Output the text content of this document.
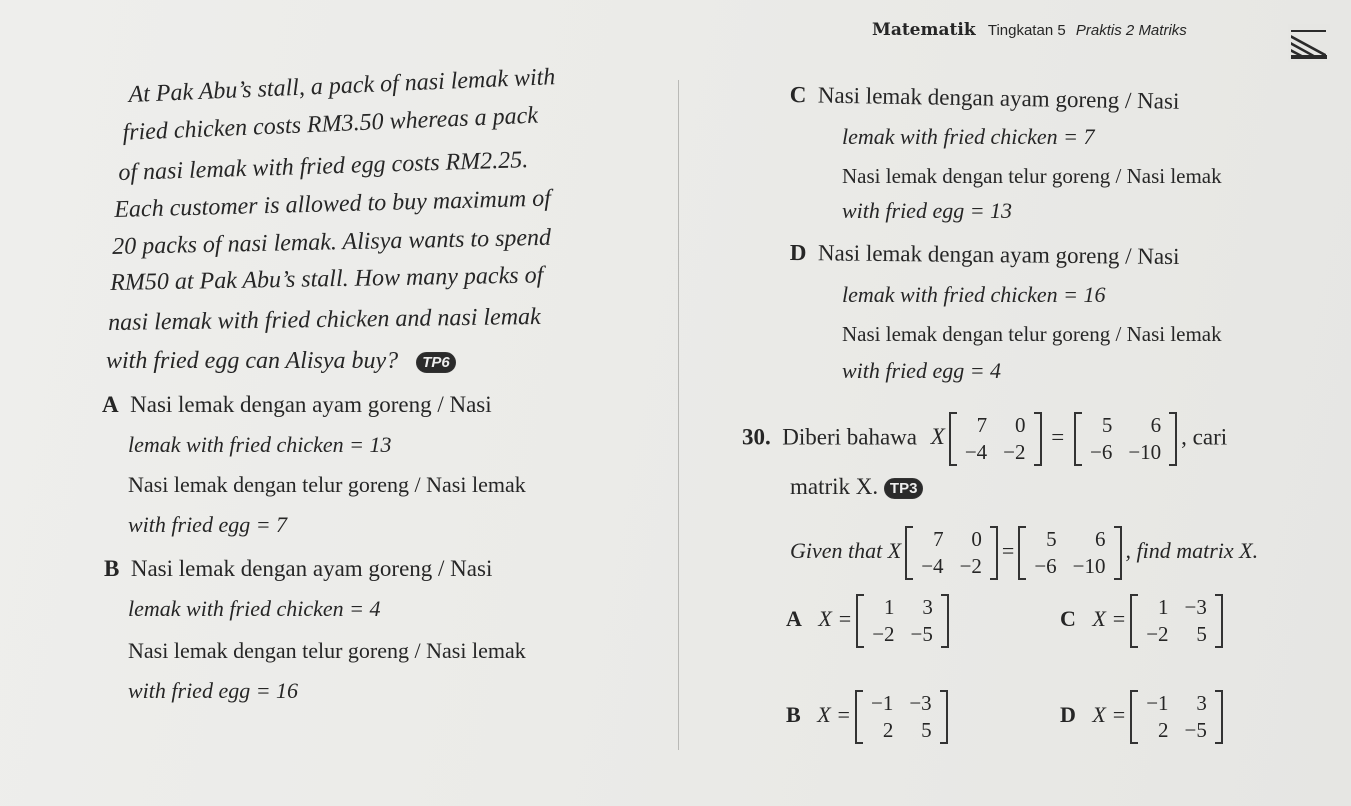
Matematik Tingkatan 5 Praktis 2 Matriks
At Pak Abu’s stall, a pack of nasi lemak with
fried chicken costs RM3.50 whereas a pack
of nasi lemak with fried egg costs RM2.25.
Each customer is allowed to buy maximum of
20 packs of nasi lemak. Alisya wants to spend
RM50 at Pak Abu’s stall. How many packs of
nasi lemak with fried chicken and nasi lemak
with fried egg can Alisya buy? TP6
A Nasi lemak dengan ayam goreng / Nasi
lemak with fried chicken = 13
Nasi lemak dengan telur goreng / Nasi lemak
with fried egg = 7
B Nasi lemak dengan ayam goreng / Nasi
lemak with fried chicken = 4
Nasi lemak dengan telur goreng / Nasi lemak
with fried egg = 16
C Nasi lemak dengan ayam goreng / Nasi
lemak with fried chicken = 7
Nasi lemak dengan telur goreng / Nasi lemak
with fried egg = 13
D Nasi lemak dengan ayam goreng / Nasi
lemak with fried chicken = 16
Nasi lemak dengan telur goreng / Nasi lemak
with fried egg = 4
30. Diberi bahawa X 7	0
−4	−2
= 5	6
−6	−10
, cari
matrik X. TP3
Given that X 7	0
−4	−2
= 5	6
−6	−10
, find matrix X.
A X = 1	3
−2	−5
C X = 1	−3
−2	5
B X = −1	−3
2	5
D X = −1	3
2	−5
